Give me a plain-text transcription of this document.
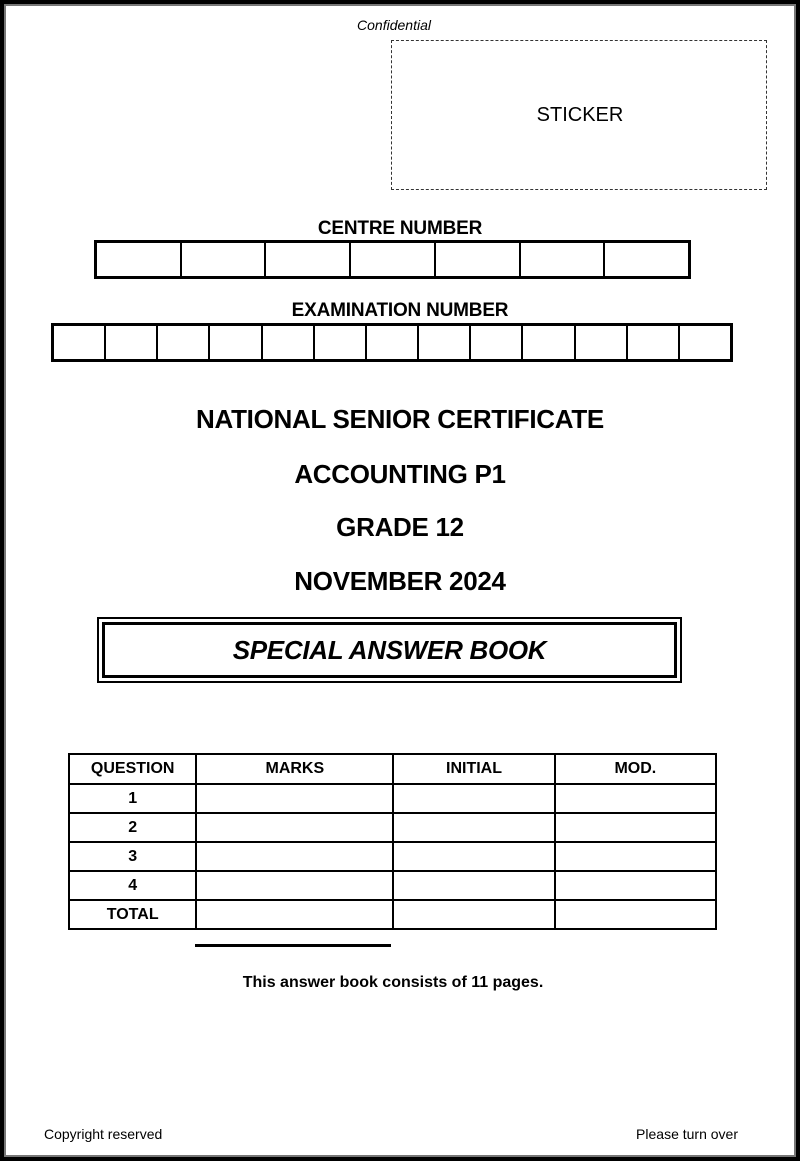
Confidential
STICKER
CENTRE NUMBER
EXAMINATION NUMBER
NATIONAL SENIOR CERTIFICATE
ACCOUNTING P1
GRADE 12
NOVEMBER 2024
SPECIAL ANSWER BOOK
QUESTION	MARKS	INITIAL	MOD.
1			
2			
3			
4			
TOTAL			
This answer book consists of 11 pages.
Copyright reserved	Please turn over
